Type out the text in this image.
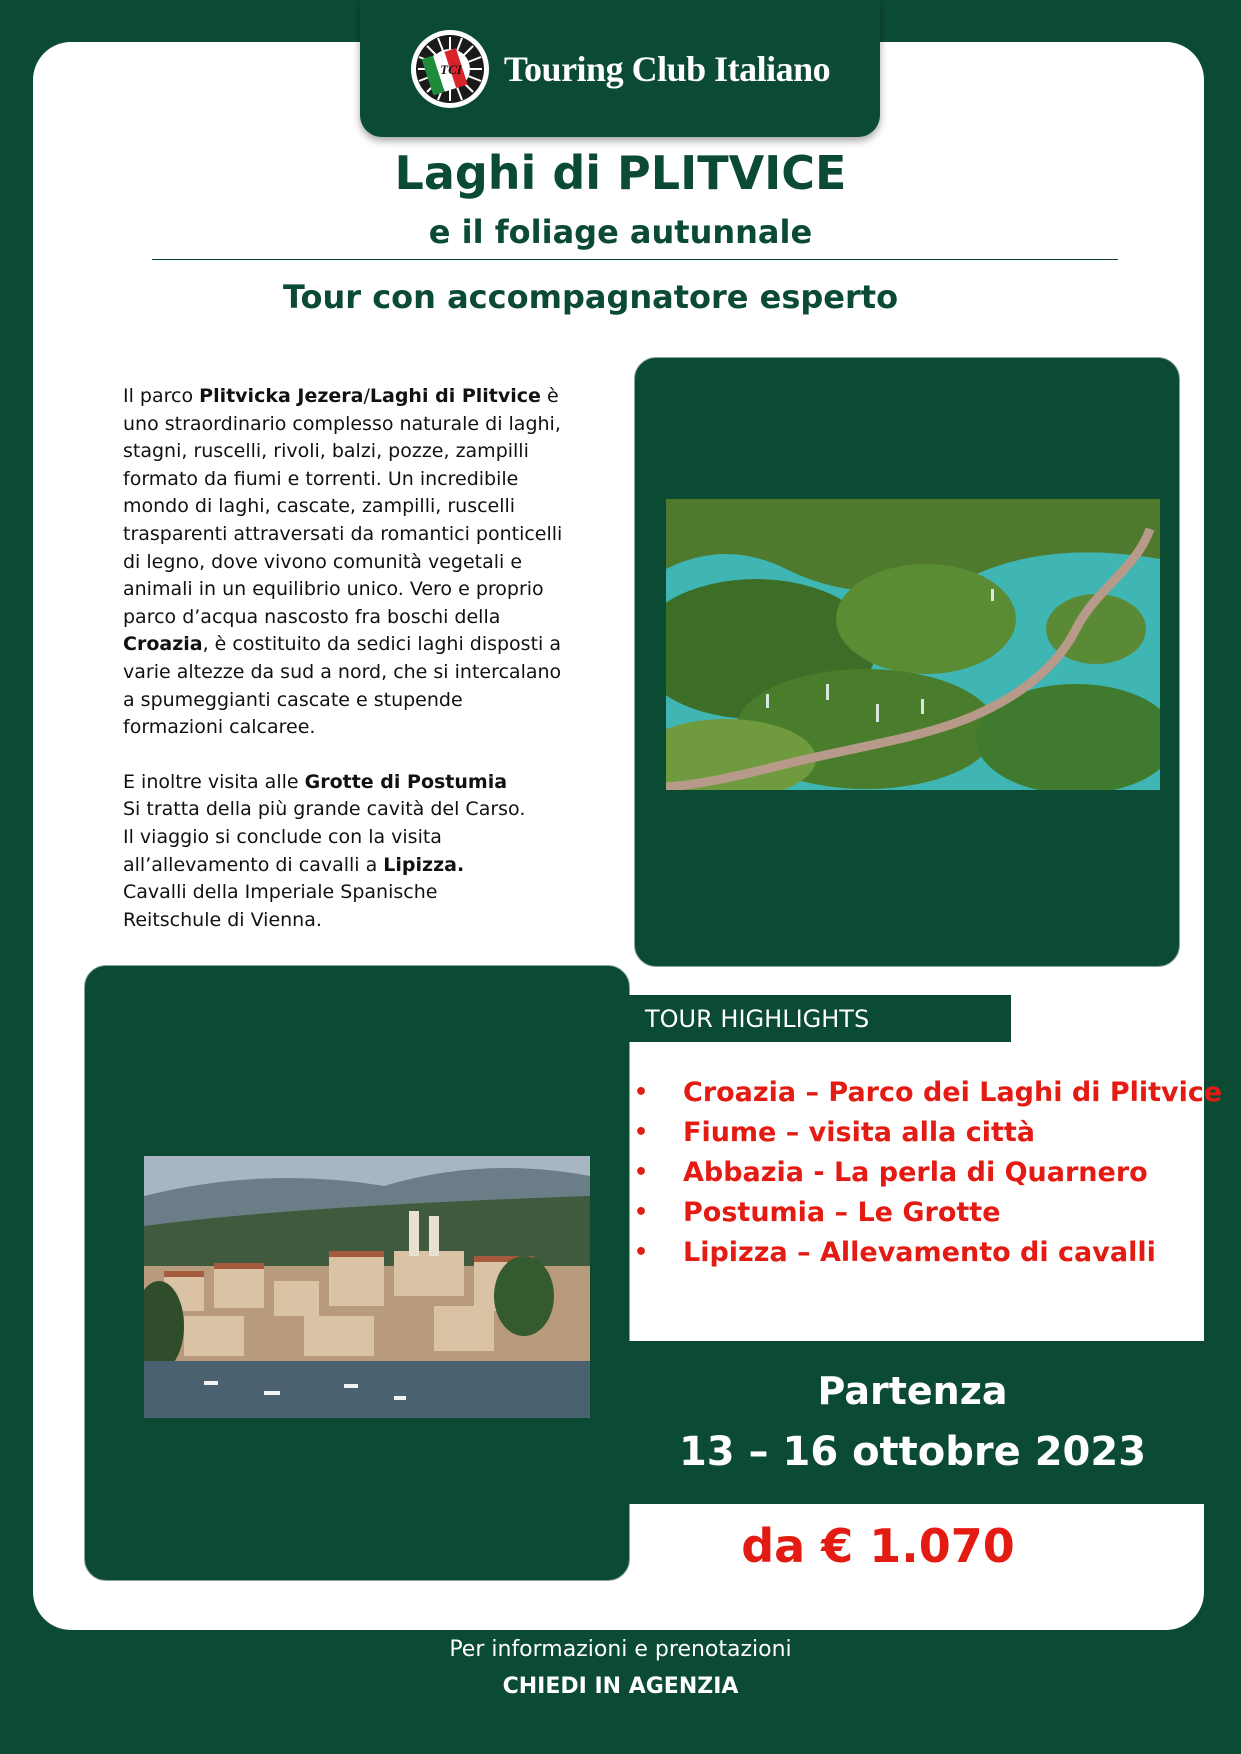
TCI Touring Club Italiano
Laghi di PLITVICE
e il foliage autunnale
Tour con accompagnatore esperto

Il parco Plitvicka Jezera/Laghi di Plitvice è uno straordinario complesso naturale di laghi, stagni, ruscelli, rivoli, balzi, pozze, zampilli formato da fiumi e torrenti. Un incredibile mondo di laghi, cascate, zampilli, ruscelli trasparenti attraversati da romantici ponticelli di legno, dove vivono comunità vegetali e animali in un equilibrio unico. Vero e proprio parco d’acqua nascosto fra boschi della Croazia, è costituito da sedici laghi disposti a varie altezze da sud a nord, che si intercalano a spumeggianti cascate e stupende formazioni calcaree.

E inoltre visita alle Grotte di Postumia
Si tratta della più grande cavità del Carso.
Il viaggio si conclude con la visita
all’allevamento di cavalli a Lipizza.
Cavalli della Imperiale Spanische
Reitschule di Vienna.

TOUR HIGHLIGHTS
•	Croazia – Parco dei Laghi di Plitvice
•	Fiume – visita alla città
•	Abbazia - La perla di Quarnero
•	Postumia – Le Grotte
•	Lipizza – Allevamento di cavalli
Partenza
13 – 16 ottobre 2023
da € 1.070
Per informazioni e prenotazioni
CHIEDI IN AGENZIA
